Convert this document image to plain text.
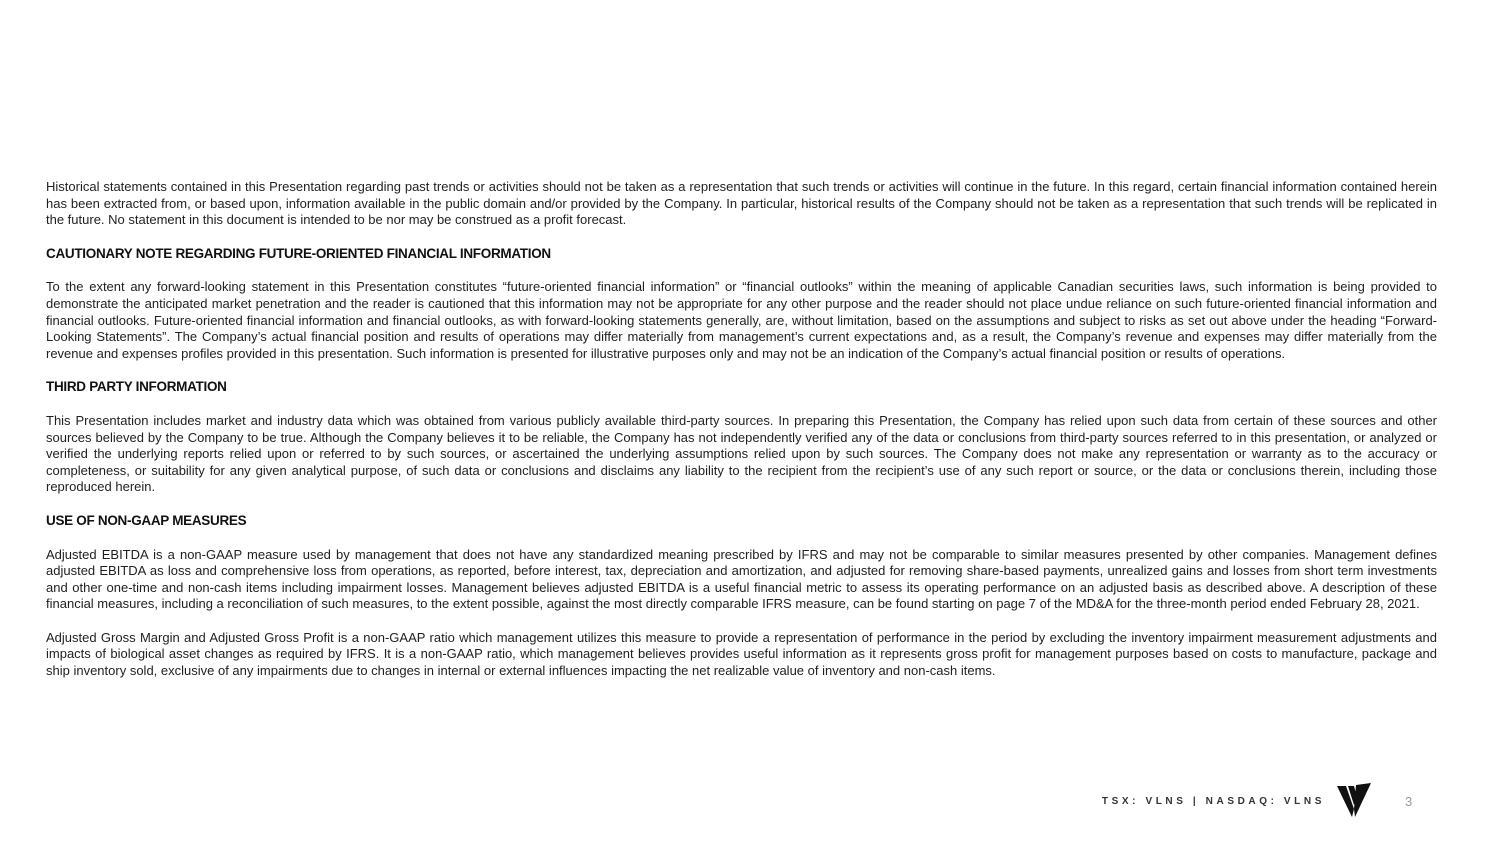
Historical statements contained in this Presentation regarding past trends or activities should not be taken as a representation that such trends or activities will continue in the future. In this regard, certain financial information contained herein has been extracted from, or based upon, information available in the public domain and/or provided by the Company. In particular, historical results of the Company should not be taken as a representation that such trends will be replicated in the future. No statement in this document is intended to be nor may be construed as a profit forecast.

CAUTIONARY NOTE REGARDING FUTURE-ORIENTED FINANCIAL INFORMATION

To the extent any forward-looking statement in this Presentation constitutes “future-oriented financial information” or “financial outlooks” within the meaning of applicable Canadian securities laws, such information is being provided to demonstrate the anticipated market penetration and the reader is cautioned that this information may not be appropriate for any other purpose and the reader should not place undue reliance on such future-oriented financial information and financial outlooks. Future-oriented financial information and financial outlooks, as with forward-looking statements generally, are, without limitation, based on the assumptions and subject to risks as set out above under the heading “Forward-Looking Statements”. The Company’s actual financial position and results of operations may differ materially from management’s current expectations and, as a result, the Company’s revenue and expenses may differ materially from the revenue and expenses profiles provided in this presentation. Such information is presented for illustrative purposes only and may not be an indication of the Company’s actual financial position or results of operations.

THIRD PARTY INFORMATION

This Presentation includes market and industry data which was obtained from various publicly available third-party sources. In preparing this Presentation, the Company has relied upon such data from certain of these sources and other sources believed by the Company to be true. Although the Company believes it to be reliable, the Company has not independently verified any of the data or conclusions from third-party sources referred to in this presentation, or analyzed or verified the underlying reports relied upon or referred to by such sources, or ascertained the underlying assumptions relied upon by such sources. The Company does not make any representation or warranty as to the accuracy or completeness, or suitability for any given analytical purpose, of such data or conclusions and disclaims any liability to the recipient from the recipient’s use of any such report or source, or the data or conclusions therein, including those reproduced herein.

USE OF NON-GAAP MEASURES

Adjusted EBITDA is a non-GAAP measure used by management that does not have any standardized meaning prescribed by IFRS and may not be comparable to similar measures presented by other companies. Management defines adjusted EBITDA as loss and comprehensive loss from operations, as reported, before interest, tax, depreciation and amortization, and adjusted for removing share-based payments, unrealized gains and losses from short term investments and other one-time and non-cash items including impairment losses. Management believes adjusted EBITDA is a useful financial metric to assess its operating performance on an adjusted basis as described above. A description of these financial measures, including a reconciliation of such measures, to the extent possible, against the most directly comparable IFRS measure, can be found starting on page 7 of the MD&A for the three-month period ended February 28, 2021.

Adjusted Gross Margin and Adjusted Gross Profit is a non-GAAP ratio which management utilizes this measure to provide a representation of performance in the period by excluding the inventory impairment measurement adjustments and impacts of biological asset changes as required by IFRS. It is a non-GAAP ratio, which management believes provides useful information as it represents gross profit for management purposes based on costs to manufacture, package and ship inventory sold, exclusive of any impairments due to changes in internal or external influences impacting the net realizable value of inventory and non-cash items.

TSX: VLNS | NASDAQ: VLNS	3
